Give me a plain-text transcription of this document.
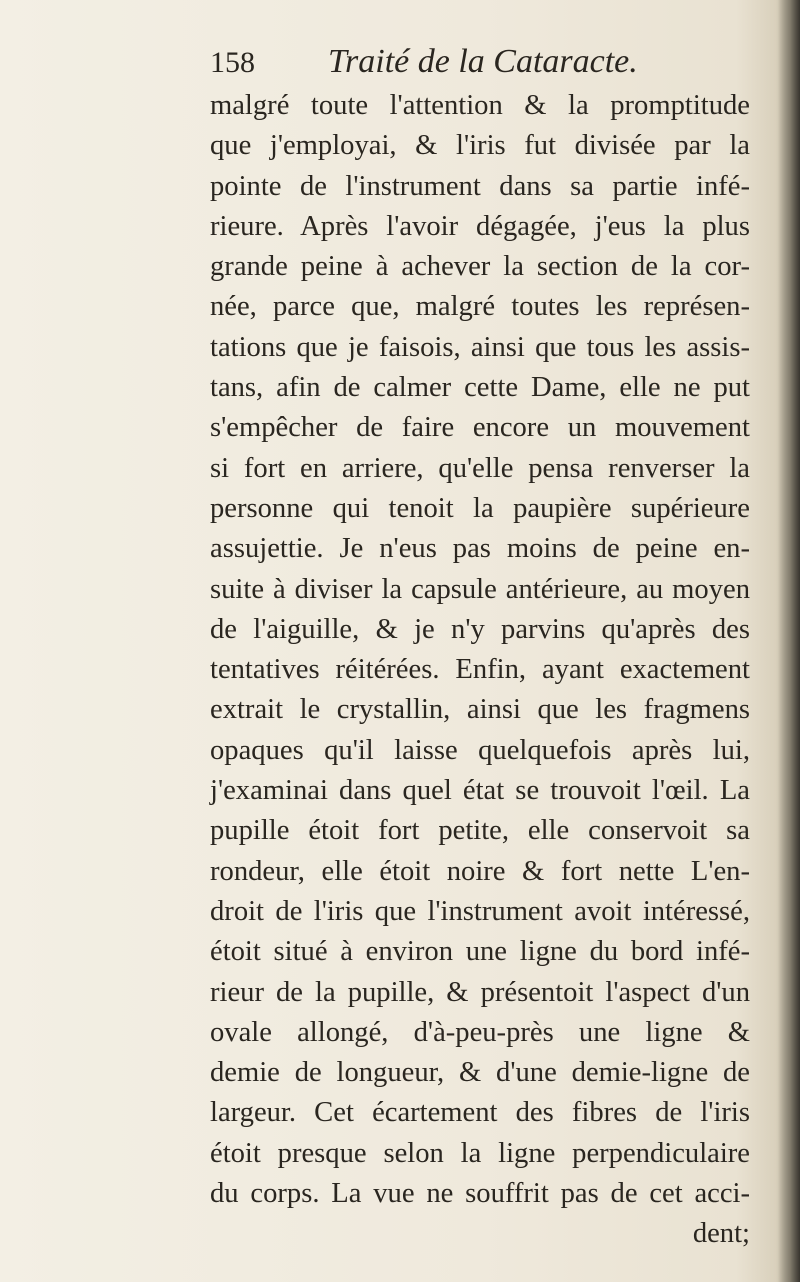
158 Traité de la Cataracte.
malgré toute l'attention & la promptitude
que j'employai, & l'iris fut divisée par la
pointe de l'instrument dans sa partie infé-
rieure. Après l'avoir dégagée, j'eus la plus
grande peine à achever la section de la cor-
née, parce que, malgré toutes les représen-
tations que je faisois, ainsi que tous les assis-
tans, afin de calmer cette Dame, elle ne put
s'empêcher de faire encore un mouvement
si fort en arriere, qu'elle pensa renverser la
personne qui tenoit la paupière supérieure
assujettie. Je n'eus pas moins de peine en-
suite à diviser la capsule antérieure, au moyen
de l'aiguille, & je n'y parvins qu'après des
tentatives réitérées. Enfin, ayant exactement
extrait le crystallin, ainsi que les fragmens
opaques qu'il laisse quelquefois après lui,
j'examinai dans quel état se trouvoit l'œil. La
pupille étoit fort petite, elle conservoit sa
rondeur, elle étoit noire & fort nette L'en-
droit de l'iris que l'instrument avoit intéressé,
étoit situé à environ une ligne du bord infé-
rieur de la pupille, & présentoit l'aspect d'un
ovale allongé, d'à-peu-près une ligne &
demie de longueur, & d'une demie-ligne de
largeur. Cet écartement des fibres de l'iris
étoit presque selon la ligne perpendiculaire
du corps. La vue ne souffrit pas de cet acci-
dent;
